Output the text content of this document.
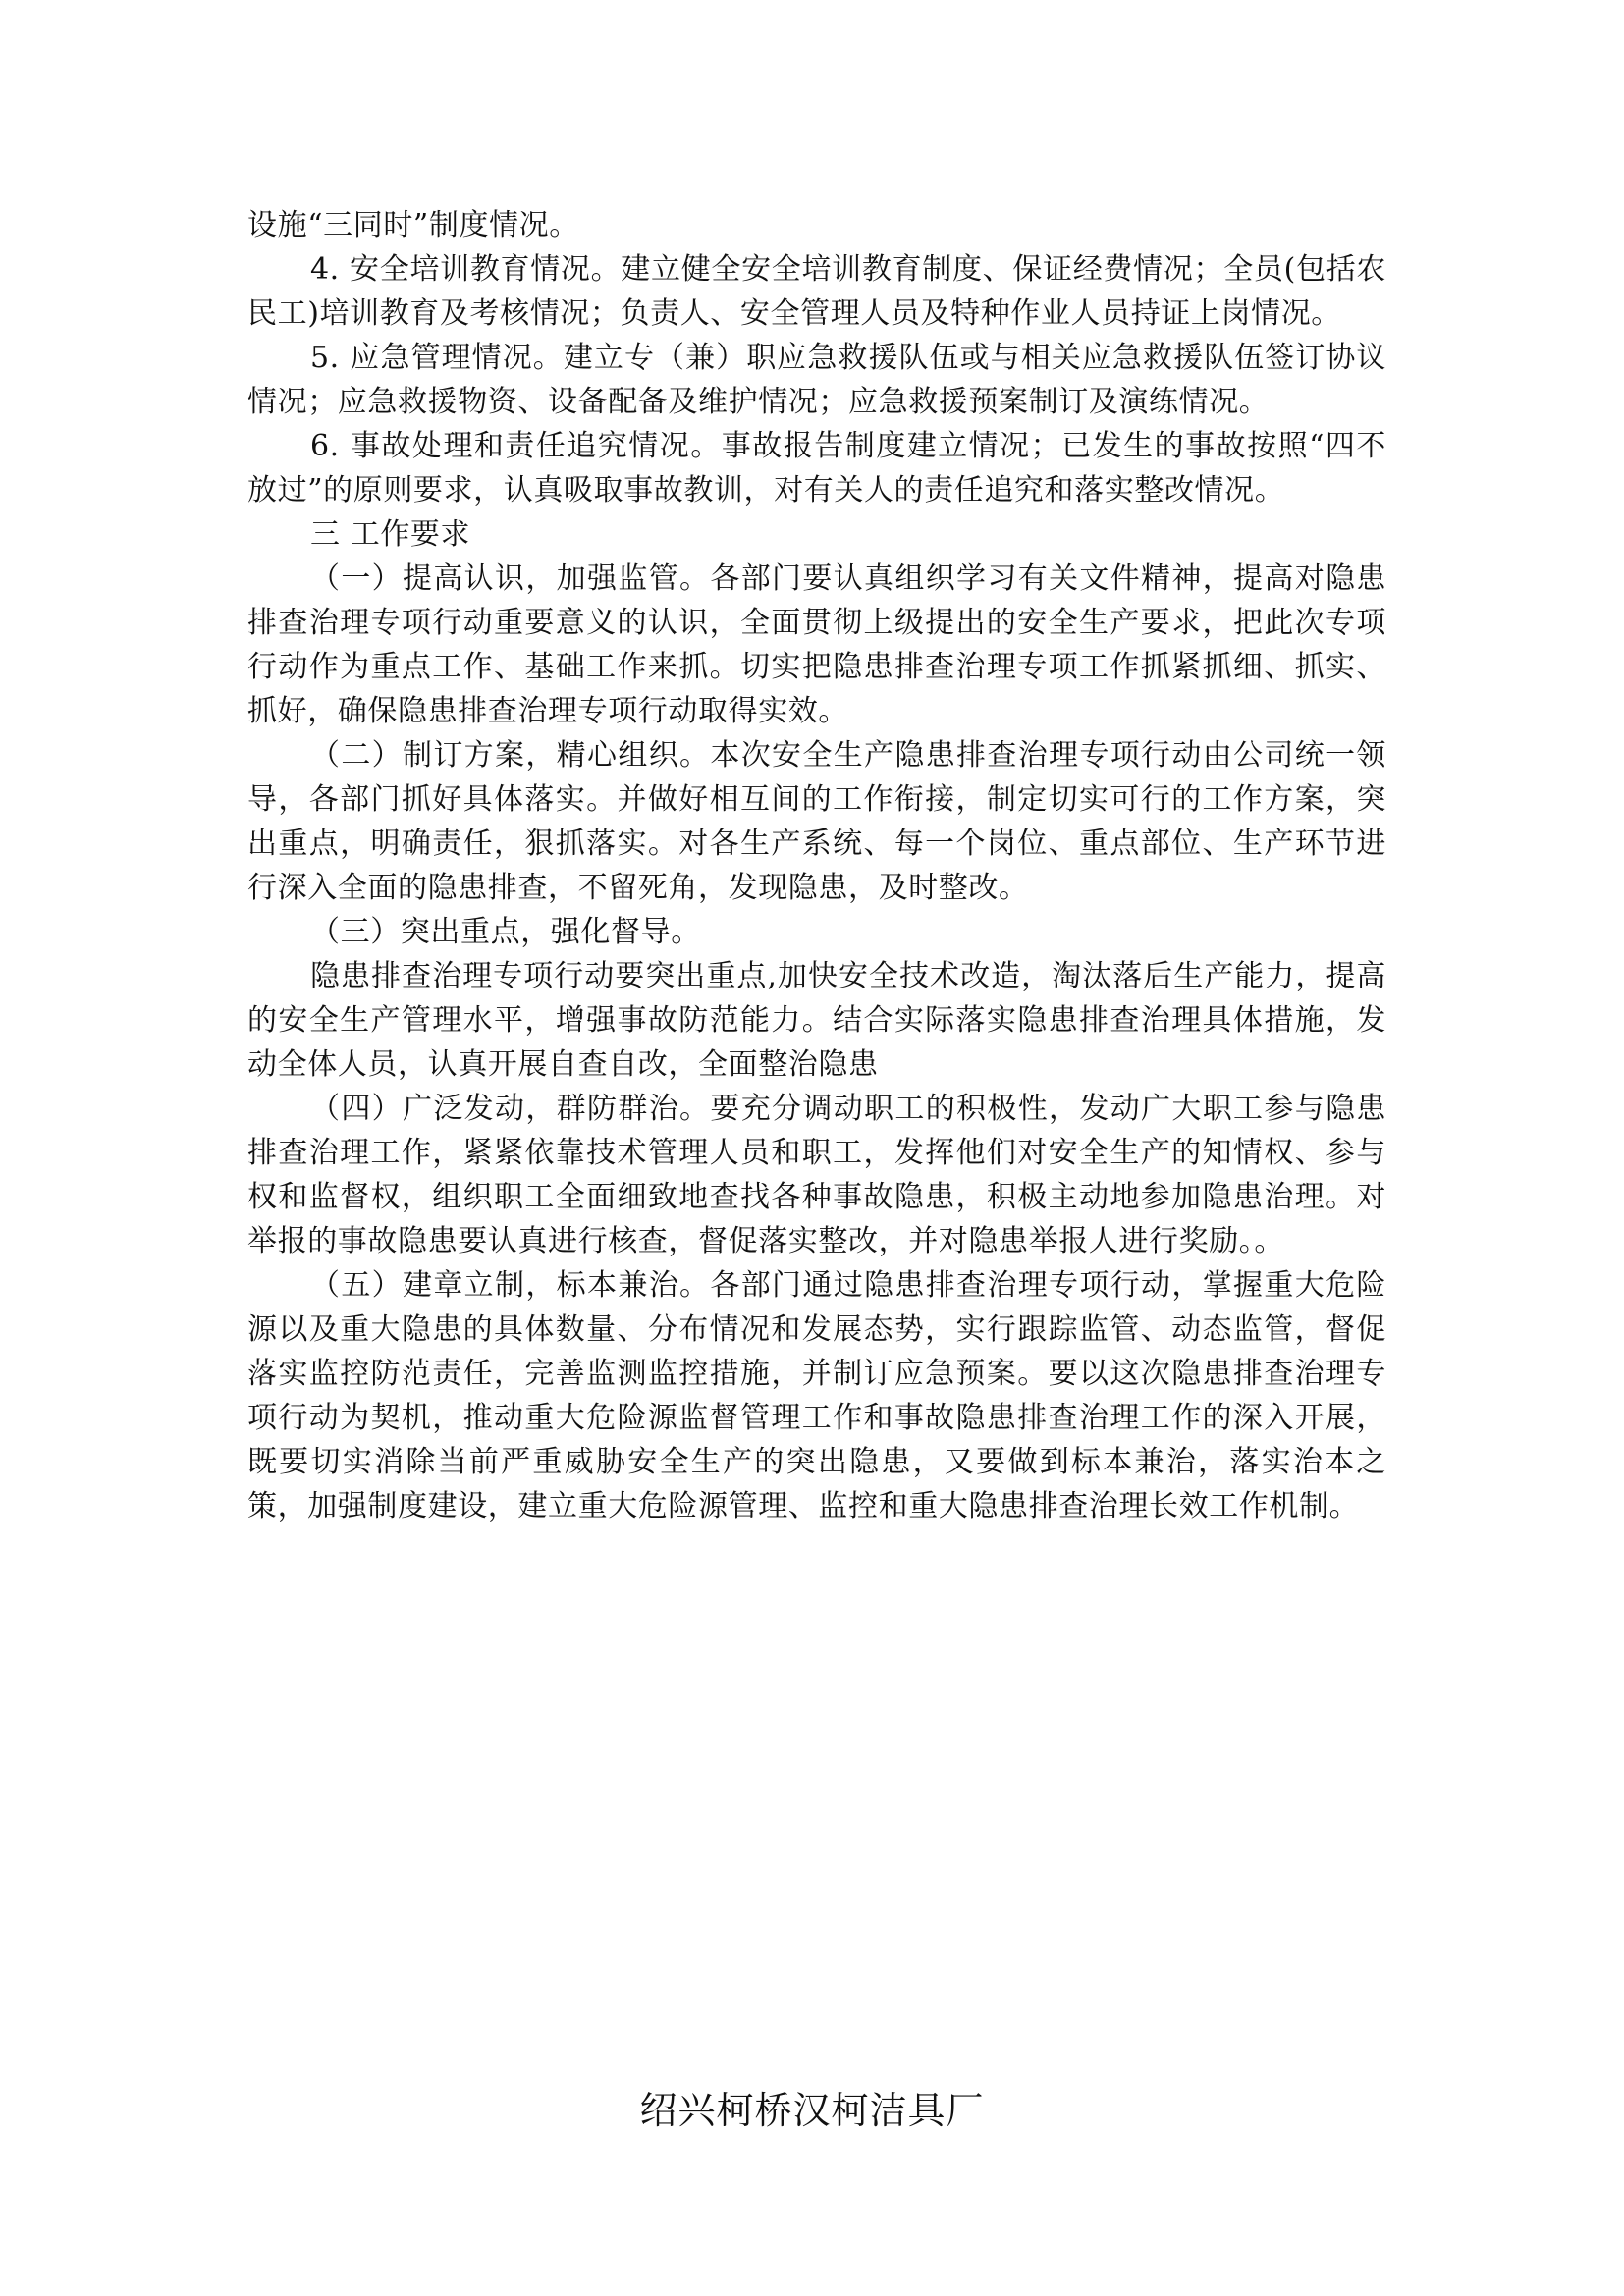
设施“三同时”制度情况。

4. 安全培训教育情况。建立健全安全培训教育制度、保证经费情况；全员(包括农民工)培训教育及考核情况；负责人、安全管理人员及特种作业人员持证上岗情况。

5. 应急管理情况。建立专（兼）职应急救援队伍或与相关应急救援队伍签订协议情况；应急救援物资、设备配备及维护情况；应急救援预案制订及演练情况。

6. 事故处理和责任追究情况。事故报告制度建立情况；已发生的事故按照“四不放过”的原则要求，认真吸取事故教训，对有关人的责任追究和落实整改情况。

三 工作要求

（一）提高认识，加强监管。各部门要认真组织学习有关文件精神，提高对隐患排查治理专项行动重要意义的认识，全面贯彻上级提出的安全生产要求，把此次专项行动作为重点工作、基础工作来抓。切实把隐患排查治理专项工作抓紧抓细、抓实、抓好，确保隐患排查治理专项行动取得实效。

（二）制订方案，精心组织。本次安全生产隐患排查治理专项行动由公司统一领导，各部门抓好具体落实。并做好相互间的工作衔接，制定切实可行的工作方案，突出重点，明确责任，狠抓落实。对各生产系统、每一个岗位、重点部位、生产环节进行深入全面的隐患排查，不留死角，发现隐患，及时整改。

（三）突出重点，强化督导。

隐患排查治理专项行动要突出重点,加快安全技术改造，淘汰落后生产能力，提高的安全生产管理水平，增强事故防范能力。结合实际落实隐患排查治理具体措施，发动全体人员，认真开展自查自改，全面整治隐患

（四）广泛发动，群防群治。要充分调动职工的积极性，发动广大职工参与隐患排查治理工作，紧紧依靠技术管理人员和职工，发挥他们对安全生产的知情权、参与权和监督权，组织职工全面细致地查找各种事故隐患，积极主动地参加隐患治理。对举报的事故隐患要认真进行核查，督促落实整改，并对隐患举报人进行奖励。。

（五）建章立制，标本兼治。各部门通过隐患排查治理专项行动，掌握重大危险源以及重大隐患的具体数量、分布情况和发展态势，实行跟踪监管、动态监管，督促落实监控防范责任，完善监测监控措施，并制订应急预案。要以这次隐患排查治理专项行动为契机，推动重大危险源监督管理工作和事故隐患排查治理工作的深入开展，既要切实消除当前严重威胁安全生产的突出隐患，又要做到标本兼治，落实治本之策，加强制度建设，建立重大危险源管理、监控和重大隐患排查治理长效工作机制。

绍兴柯桥汉柯洁具厂
